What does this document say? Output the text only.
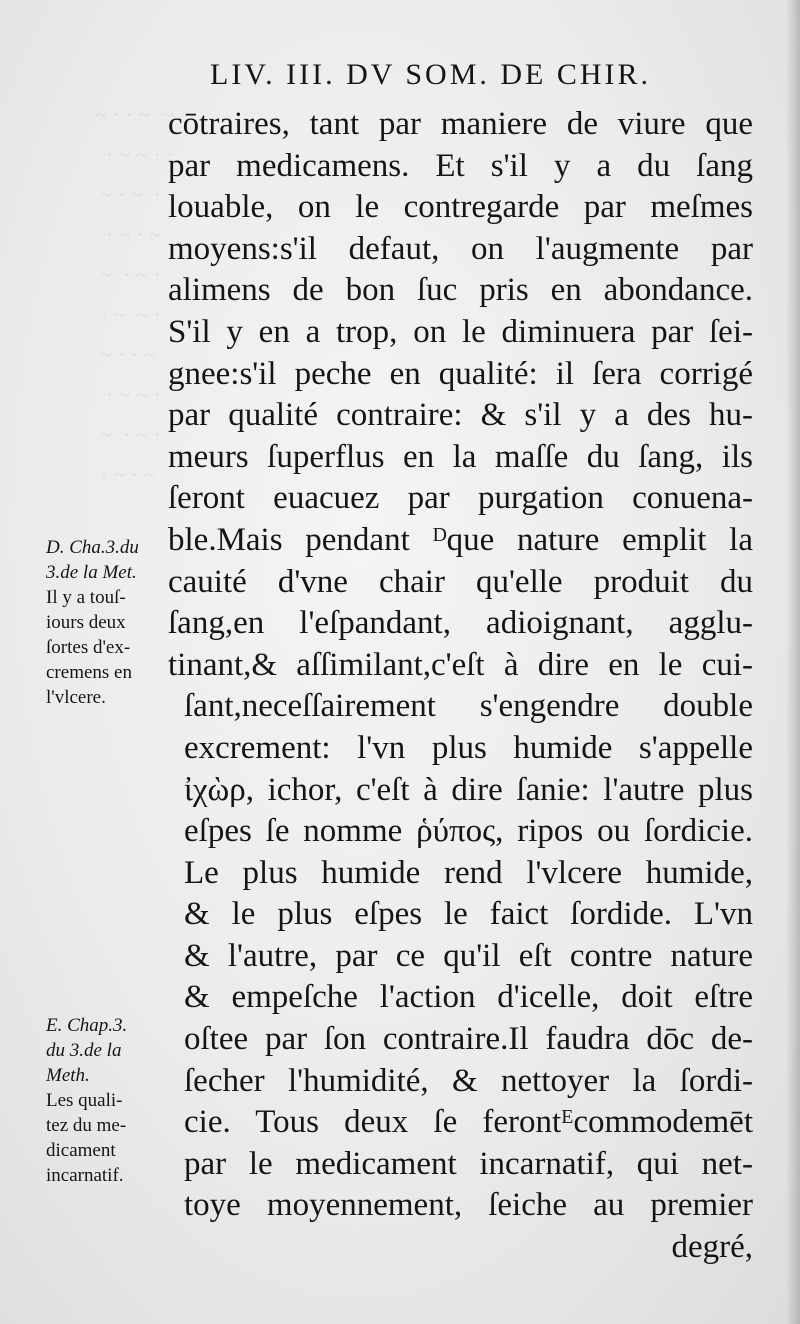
~ · · ~  ~
· ~ ~ · ·
~ · ~  ·
· ~ · ~
~  · ~ ·
· ~  ~ ·
~ · · ~
· ~ ~ ·
~  · ~ ·
· ~ · ~
LIV. III. DV SOM. DE CHIR.
cōtraires, tant par maniere de viure que
par medicamens. Et s'il y a du ſang
louable, on le contregarde par meſmes
moyens:s'il defaut, on l'augmente par
alimens de bon ſuc pris en abondance.
S'il y en a trop, on le diminuera par ſei-
gnee:s'il peche en qualité: il ſera corrigé
par qualité contraire: & s'il y a des hu-
meurs ſuperflus en la maſſe du ſang, ils
ſeront euacuez par purgation conuena-
ble.Mais pendant ᴰque nature emplit la
cauité d'vne chair qu'elle produit du
ſang,en l'eſpandant, adioignant, agglu-
tinant,& aſſimilant,c'eſt à dire en le cui-
ſant,neceſſairement s'engendre double
excrement: l'vn plus humide s'appelle
ἰχὼρ, ichor, c'eſt à dire ſanie: l'autre plus
eſpes ſe nomme ῥύπος, ripos ou ſordicie.
Le plus humide rend l'vlcere humide,
& le plus eſpes le faict ſordide. L'vn
& l'autre, par ce qu'il eſt contre nature
& empeſche l'action d'icelle, doit eſtre
oſtee par ſon contraire.Il faudra dōc de-
ſecher l'humidité, & nettoyer la ſordi-
cie. Tous deux ſe ferontᴱcommodemēt
par le medicament incarnatif, qui net-
toye moyennement, ſeiche au premier
degré,
D. Cha.3.du
3.de la Met.
Il y a touſ-
iours deux
ſortes d'ex-
cremens en
l'vlcere.
E. Chap.3.
du 3.de la
Meth.
Les quali-
tez du me-
dicament
incarnatif.
